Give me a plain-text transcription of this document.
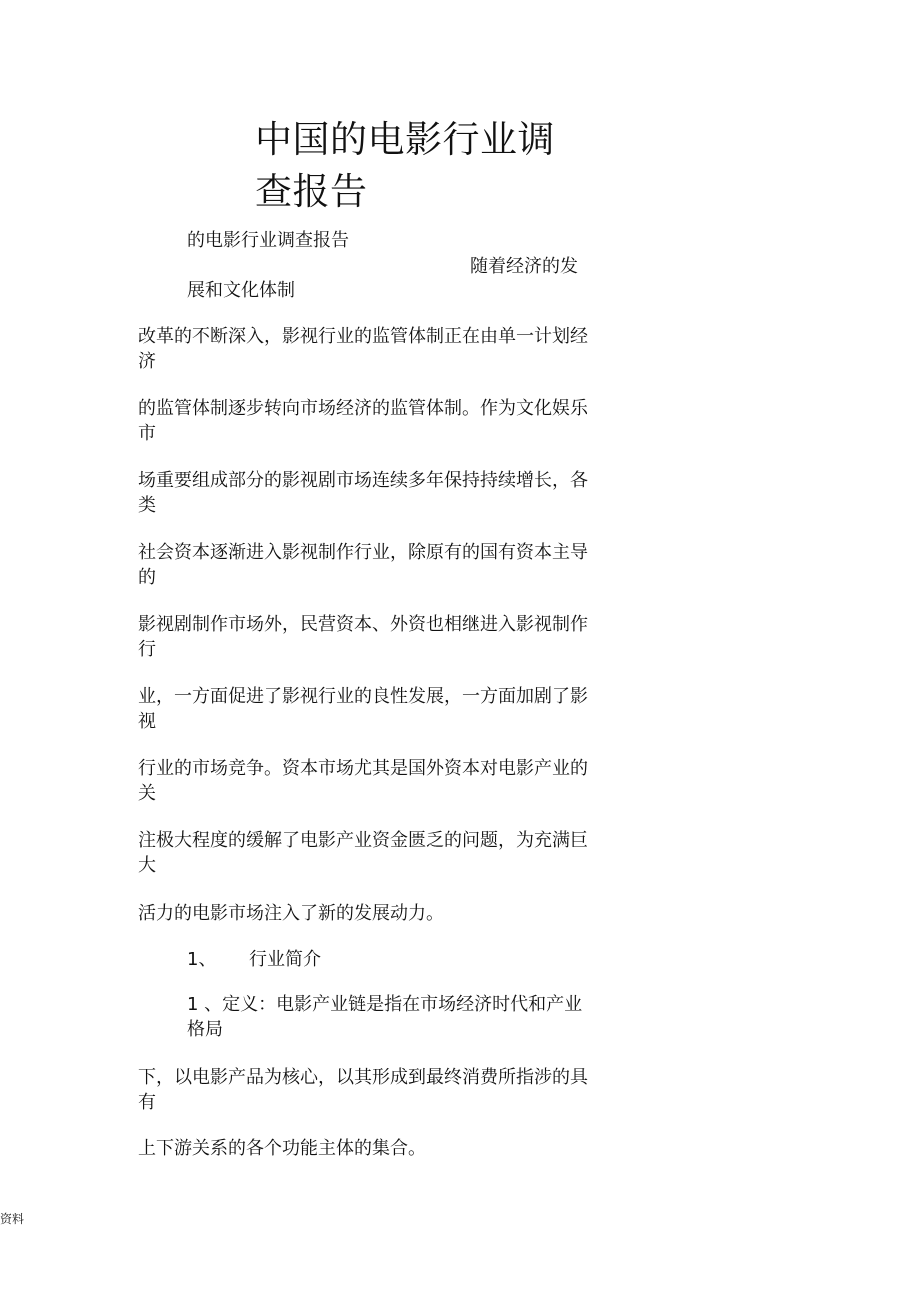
中国的电影行业调查报告

的电影行业调查报告

随着经济的发

展和文化体制

改革的不断深入，影视行业的监管体制正在由单一计划经济

的监管体制逐步转向市场经济的监管体制。作为文化娱乐市

场重要组成部分的影视剧市场连续多年保持持续增长，各类

社会资本逐渐进入影视制作行业，除原有的国有资本主导的

影视剧制作市场外，民营资本、外资也相继进入影视制作行

业，一方面促进了影视行业的良性发展，一方面加剧了影视

行业的市场竞争。资本市场尤其是国外资本对电影产业的关

注极大程度的缓解了电影产业资金匮乏的问题，为充满巨大

活力的电影市场注入了新的发展动力。

1、 行业简介

1 、定义：电影产业链是指在市场经济时代和产业格局

下，以电影产品为核心，以其形成到最终消费所指涉的具有

上下游关系的各个功能主体的集合。

资料
